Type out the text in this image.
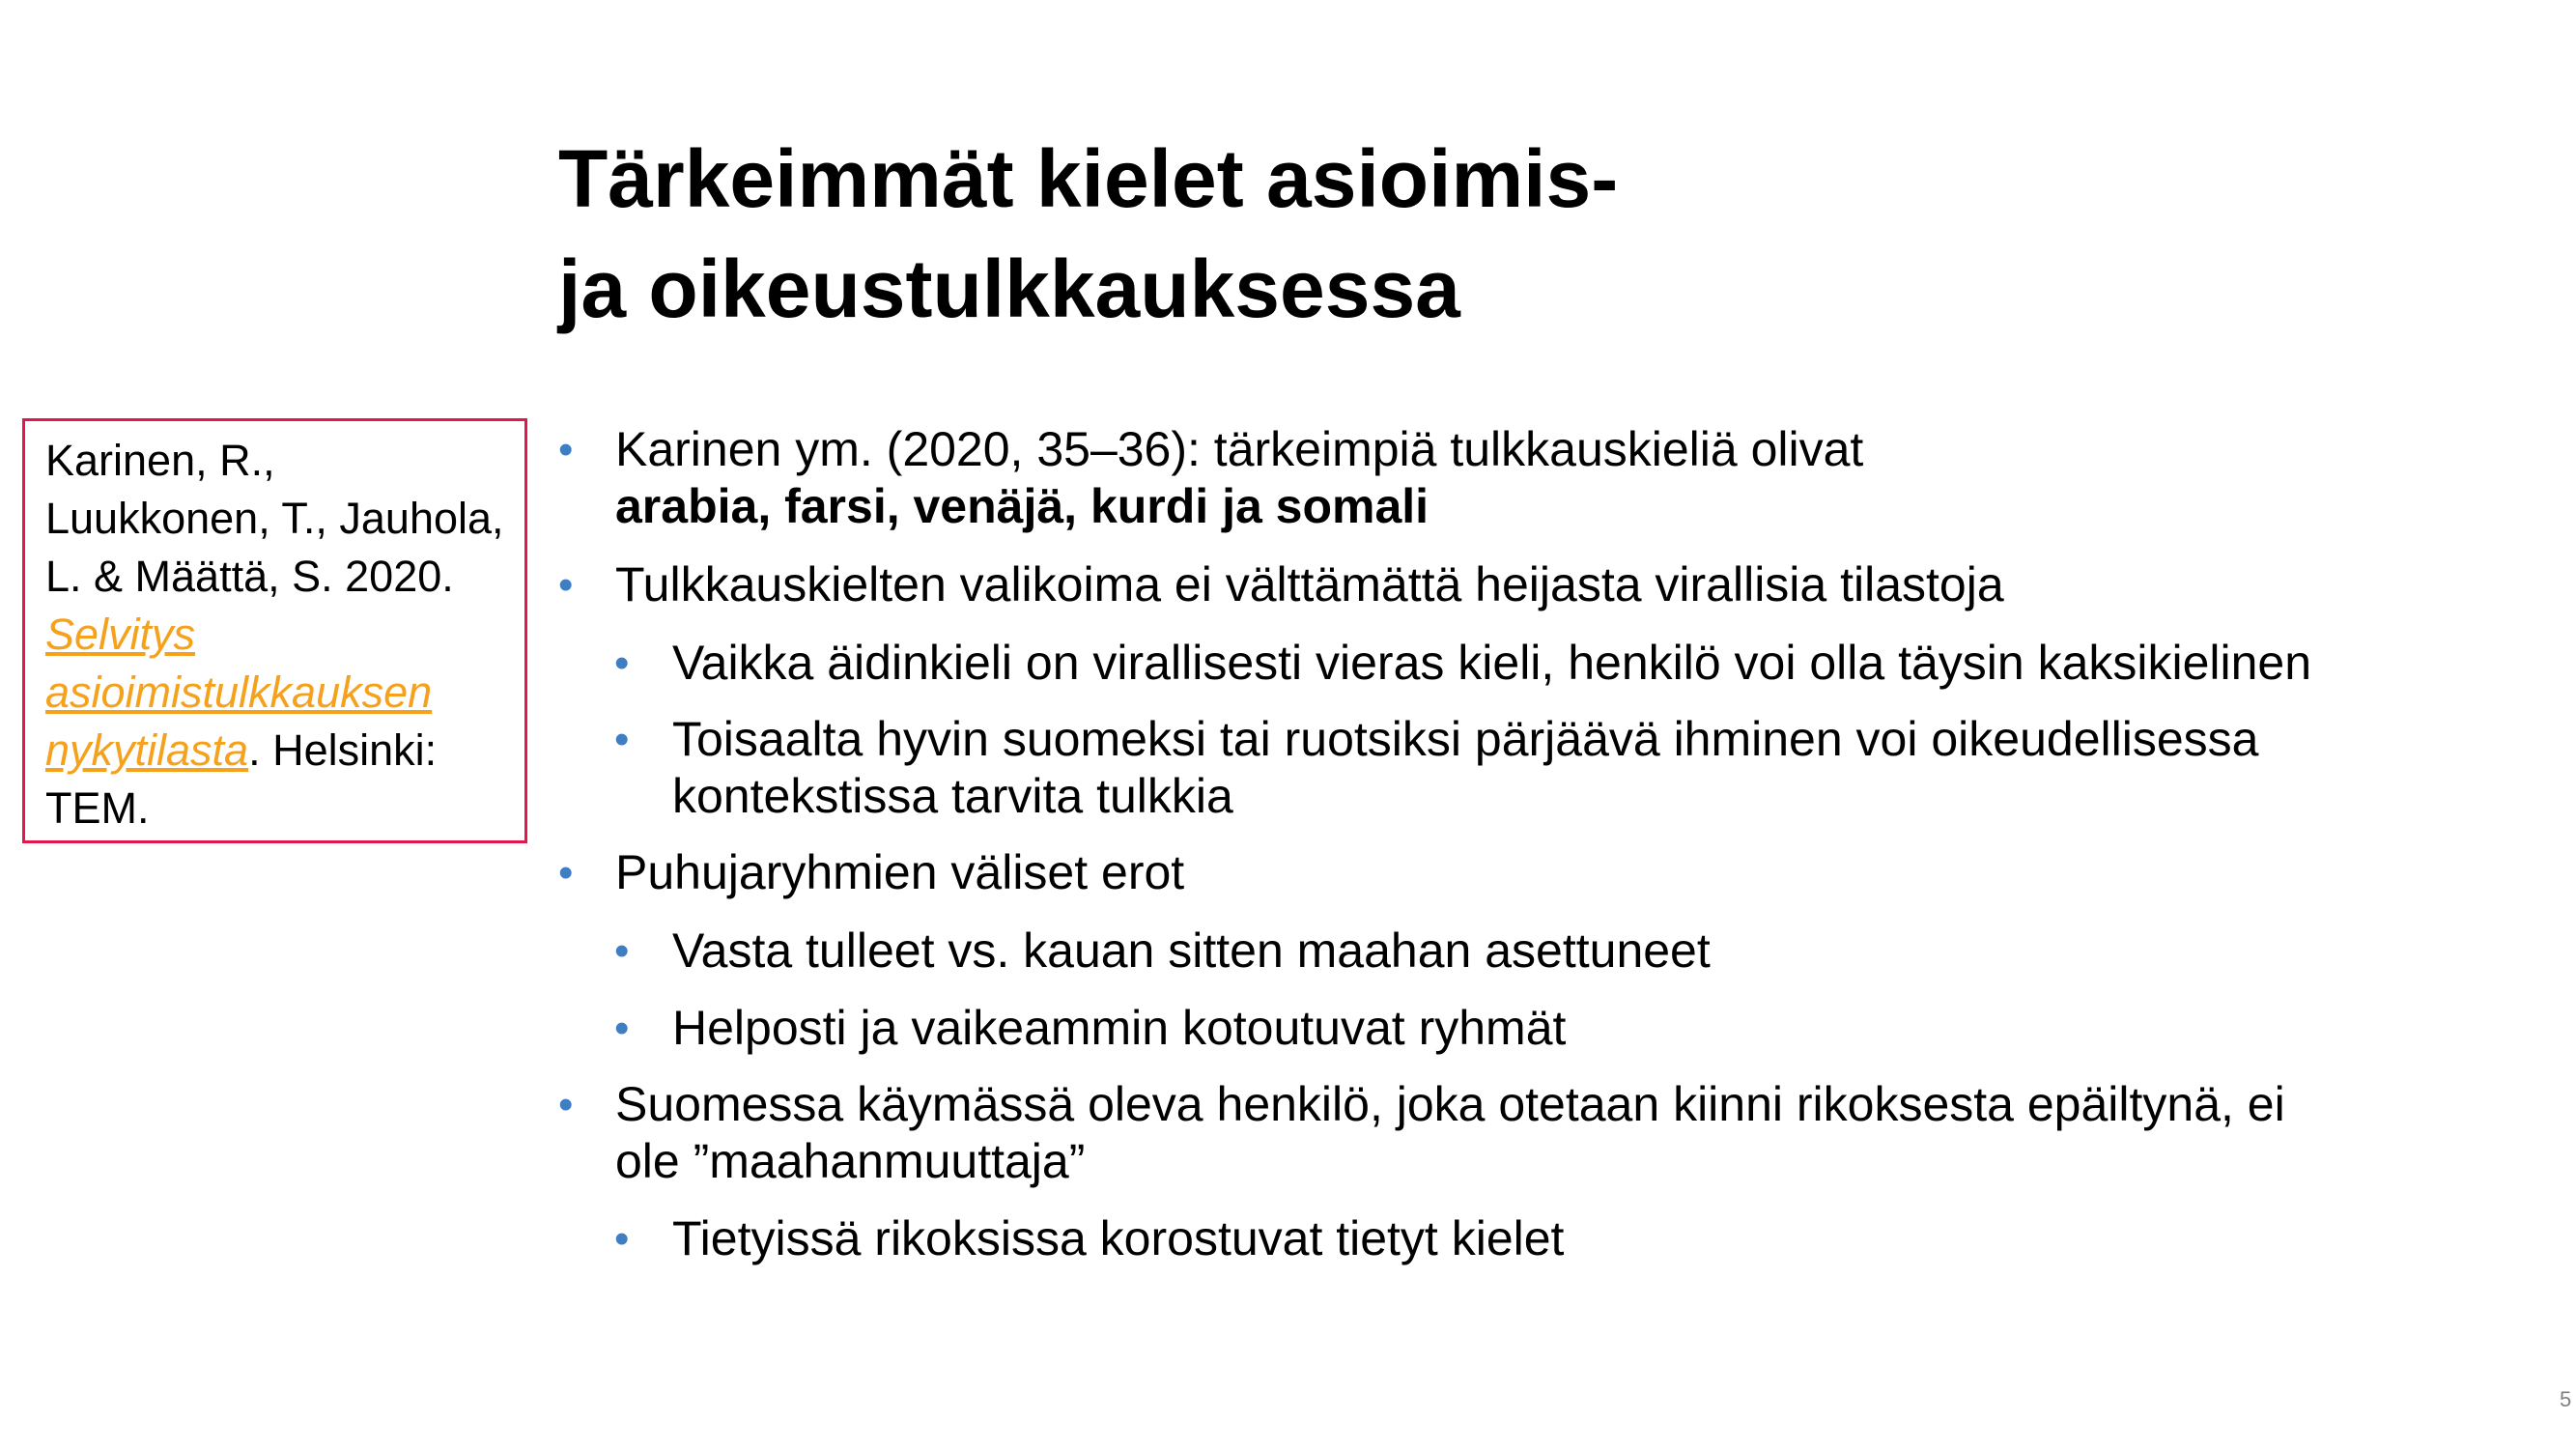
Tärkeimmät kielet asioimis-
ja oikeustulkkauksessa
Karinen, R., Luukkonen, T., Jauhola, L. & Määttä, S. 2020. Selvitys asioimistulkkauksen nykytilasta. Helsinki: TEM.
• Karinen ym. (2020, 35–36): tärkeimpiä tulkkauskieliä olivat
arabia, farsi, venäjä, kurdi ja somali
• Tulkkauskielten valikoima ei välttämättä heijasta virallisia tilastoja
• Vaikka äidinkieli on virallisesti vieras kieli, henkilö voi olla täysin kaksikielinen
• Toisaalta hyvin suomeksi tai ruotsiksi pärjäävä ihminen voi oikeudellisessa
kontekstissa tarvita tulkkia
• Puhujaryhmien väliset erot
• Vasta tulleet vs. kauan sitten maahan asettuneet
• Helposti ja vaikeammin kotoutuvat ryhmät
• Suomessa käymässä oleva henkilö, joka otetaan kiinni rikoksesta epäiltynä, ei
ole ”maahanmuuttaja”
• Tietyissä rikoksissa korostuvat tietyt kielet
5
